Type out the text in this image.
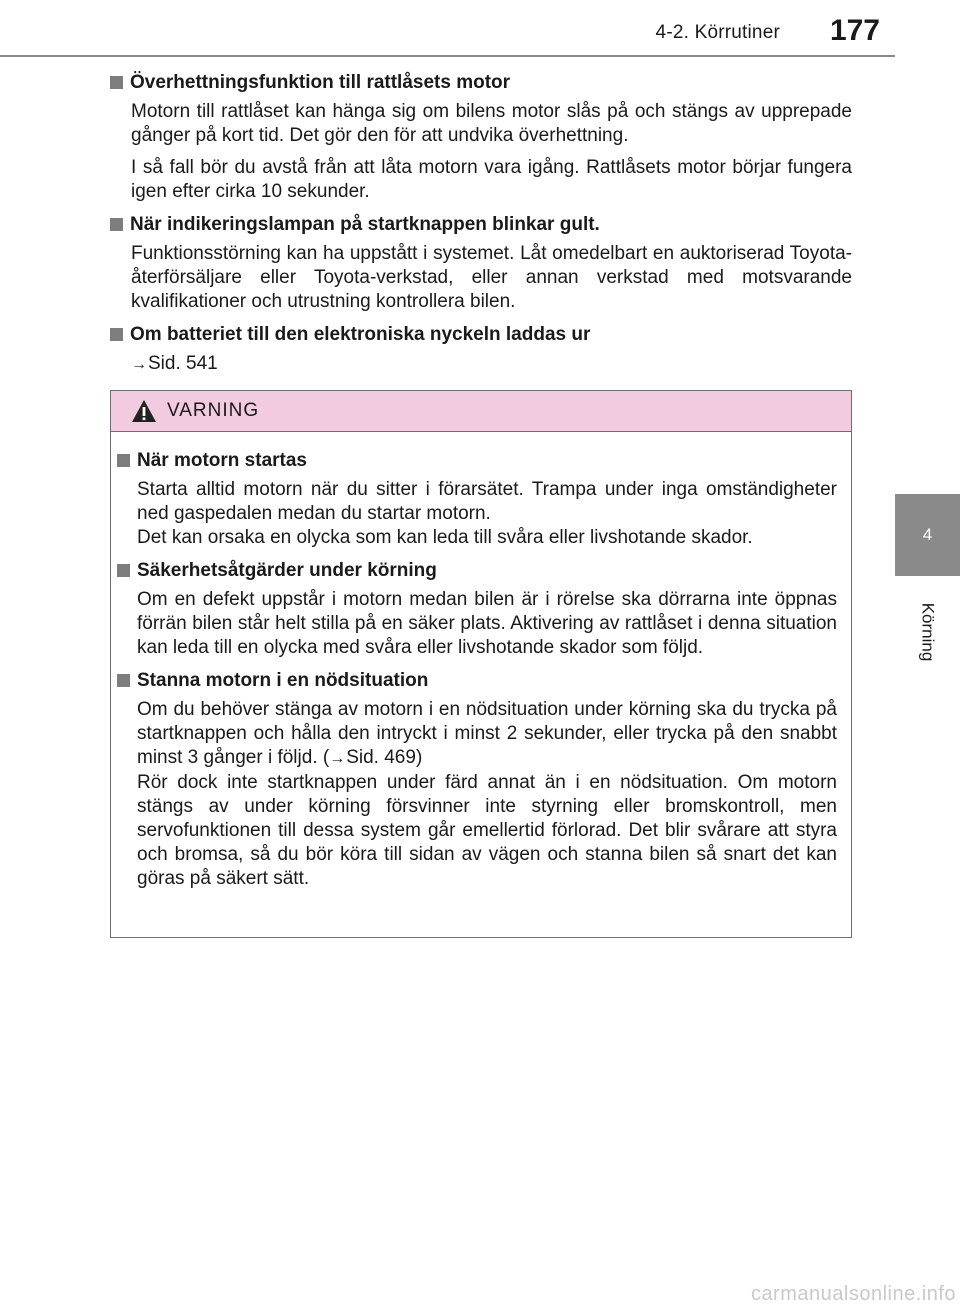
4-2. Körrutiner 177
4
Körning
Överhettningsfunktion till rattlåsets motor
Motorn till rattlåset kan hänga sig om bilens motor slås på och stängs av upprepade gånger på kort tid. Det gör den för att undvika överhettning.
I så fall bör du avstå från att låta motorn vara igång. Rattlåsets motor börjar fungera igen efter cirka 10 sekunder.
När indikeringslampan på startknappen blinkar gult.
Funktionsstörning kan ha uppstått i systemet. Låt omedelbart en auktoriserad Toyota-återförsäljare eller Toyota-verkstad, eller annan verkstad med motsvarande kvalifikationer och utrustning kontrollera bilen.
Om batteriet till den elektroniska nyckeln laddas ur
→Sid. 541
VARNING
När motorn startas
Starta alltid motorn när du sitter i förarsätet. Trampa under inga omständigheter ned gaspedalen medan du startar motorn.
Det kan orsaka en olycka som kan leda till svåra eller livshotande skador.
Säkerhetsåtgärder under körning
Om en defekt uppstår i motorn medan bilen är i rörelse ska dörrarna inte öppnas förrän bilen står helt stilla på en säker plats. Aktivering av rattlåset i denna situation kan leda till en olycka med svåra eller livshotande skador som följd.
Stanna motorn i en nödsituation
Om du behöver stänga av motorn i en nödsituation under körning ska du trycka på startknappen och hålla den intryckt i minst 2 sekunder, eller trycka på den snabbt minst 3 gånger i följd. (→Sid. 469)
Rör dock inte startknappen under färd annat än i en nödsituation. Om motorn stängs av under körning försvinner inte styrning eller bromskontroll, men servofunktionen till dessa system går emellertid förlorad. Det blir svårare att styra och bromsa, så du bör köra till sidan av vägen och stanna bilen så snart det kan göras på säkert sätt.
carmanualsonline.info
